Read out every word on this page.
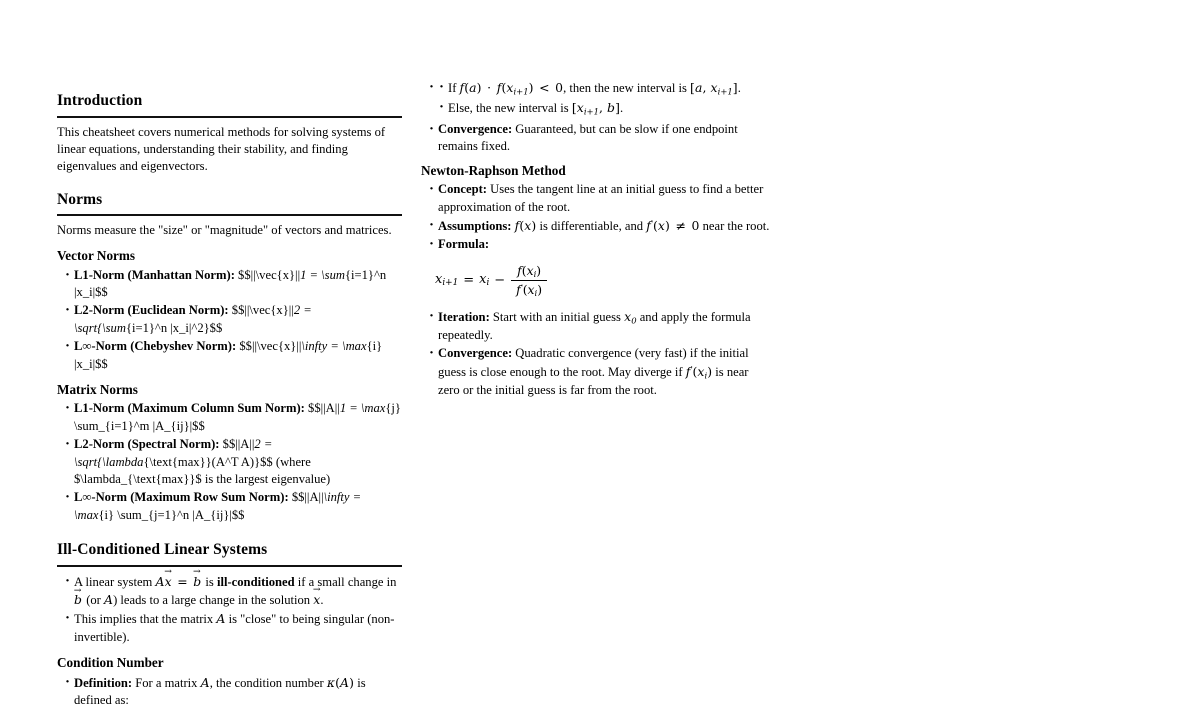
Introduction

This cheatsheet covers numerical methods for solving systems of linear equations, understanding their stability, and finding eigenvalues and eigenvectors.

Norms

Norms measure the "size" or "magnitude" of vectors and matrices.

Vector Norms
· L1-Norm (Manhattan Norm): $$||\vec{x}||1 = \sum{i=1}^n |x_i|$$
· L2-Norm (Euclidean Norm): $$||\vec{x}||2 = \sqrt{\sum{i=1}^n |x_i|^2}$$
· L∞-Norm (Chebyshev Norm): $$||\vec{x}||\infty = \max{i} |x_i|$$
Matrix Norms
· L1-Norm (Maximum Column Sum Norm): $$||A||1 = \max{j} \sum_{i=1}^m |A_{ij}|$$
· L2-Norm (Spectral Norm): $$||A||2 = \sqrt{\lambda{\text{max}}(A^T A)}$$ (where $\lambda_{\text{max}}$ is the largest eigenvalue)
· L∞-Norm (Maximum Row Sum Norm): $$||A||\infty = \max{i} \sum_{j=1}^n |A_{ij}|$$
Ill-Conditioned Linear Systems
· A linear system Ax → = b → is ill-conditioned if a small change in b → (or A) leads to a large change in the solution x →.
· This implies that the matrix A is "close" to being singular (non-invertible).
Condition Number
· Definition: For a matrix A, the condition number κ(A) is defined as:
· · If $f(a) \cdot f(x_{i+1}) < 0$, then the new interval is [a, $x_{i+1}$].
· Else, the new interval is [$x_{i+1}$, b].
· Convergence: Guaranteed, but can be slow if one endpoint remains fixed.
Newton-Raphson Method
· Concept: Uses the tangent line at an initial guess to find a better approximation of the root.
· Assumptions: f(x) is differentiable, and f′(x) ≠ 0 near the root.
· Formula:
$x_{i+1} = x_i - \frac{f(x_i)}{f'(x_i)}$
· Iteration: Start with an initial guess $x_0$ and apply the formula repeatedly.
· Convergence: Quadratic convergence (very fast) if the initial guess is close enough to the root. May diverge if $f'(x_i)$ is near zero or the initial guess is far from the root.
